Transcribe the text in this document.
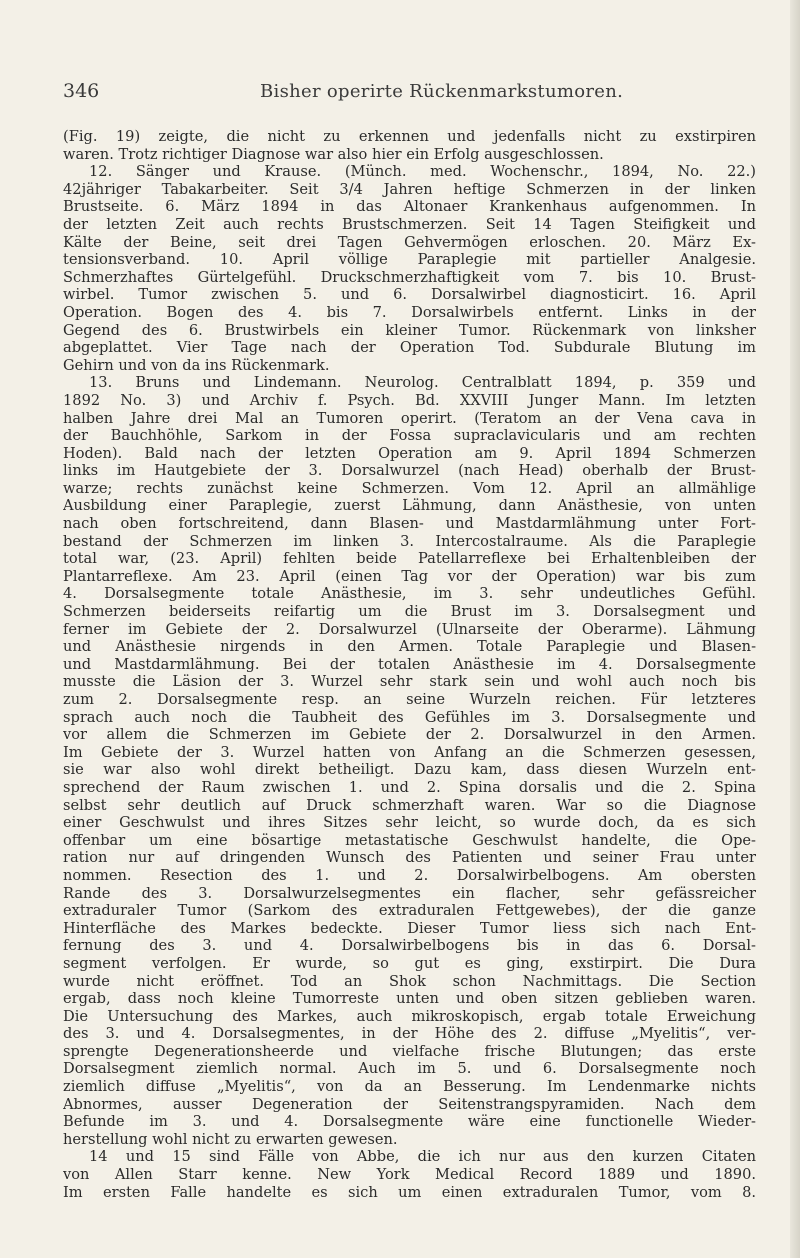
346	Bisher operirte Rückenmarkstumoren.

(Fig. 19) zeigte, die nicht zu erkennen und jedenfalls nicht zu exstirpiren

waren. Trotz richtiger Diagnose war also hier ein Erfolg ausgeschlossen.

12. Sänger und Krause. (Münch. med. Wochenschr., 1894, No. 22.)

42jähriger Tabakarbeiter. Seit 3/4 Jahren heftige Schmerzen in der linken

Brustseite. 6. März 1894 in das Altonaer Krankenhaus aufgenommen. In

der letzten Zeit auch rechts Brustschmerzen. Seit 14 Tagen Steifigkeit und

Kälte der Beine, seit drei Tagen Gehvermögen erloschen. 20. März Ex-

tensionsverband. 10. April völlige Paraplegie mit partieller Analgesie.

Schmerzhaftes Gürtelgefühl. Druckschmerzhaftigkeit vom 7. bis 10. Brust-

wirbel. Tumor zwischen 5. und 6. Dorsalwirbel diagnosticirt. 16. April

Operation. Bogen des 4. bis 7. Dorsalwirbels entfernt. Links in der

Gegend des 6. Brustwirbels ein kleiner Tumor. Rückenmark von linksher

abgeplattet. Vier Tage nach der Operation Tod. Subdurale Blutung im

Gehirn und von da ins Rückenmark.

13. Bruns und Lindemann. Neurolog. Centralblatt 1894, p. 359 und

1892 No. 3) und Archiv f. Psych. Bd. XXVIII Junger Mann. Im letzten

halben Jahre drei Mal an Tumoren operirt. (Teratom an der Vena cava in

der Bauchhöhle, Sarkom in der Fossa supraclavicularis und am rechten

Hoden). Bald nach der letzten Operation am 9. April 1894 Schmerzen

links im Hautgebiete der 3. Dorsalwurzel (nach Head) oberhalb der Brust-

warze; rechts zunächst keine Schmerzen. Vom 12. April an allmählige

Ausbildung einer Paraplegie, zuerst Lähmung, dann Anästhesie, von unten

nach oben fortschreitend, dann Blasen- und Mastdarmlähmung unter Fort-

bestand der Schmerzen im linken 3. Intercostalraume. Als die Paraplegie

total war, (23. April) fehlten beide Patellarreflexe bei Erhaltenbleiben der

Plantarreflexe. Am 23. April (einen Tag vor der Operation) war bis zum

4. Dorsalsegmente totale Anästhesie, im 3. sehr undeutliches Gefühl.

Schmerzen beiderseits reifartig um die Brust im 3. Dorsalsegment und

ferner im Gebiete der 2. Dorsalwurzel (Ulnarseite der Oberarme). Lähmung

und Anästhesie nirgends in den Armen. Totale Paraplegie und Blasen-

und Mastdarmlähmung. Bei der totalen Anästhesie im 4. Dorsalsegmente

musste die Läsion der 3. Wurzel sehr stark sein und wohl auch noch bis

zum 2. Dorsalsegmente resp. an seine Wurzeln reichen. Für letzteres

sprach auch noch die Taubheit des Gefühles im 3. Dorsalsegmente und

vor allem die Schmerzen im Gebiete der 2. Dorsalwurzel in den Armen.

Im Gebiete der 3. Wurzel hatten von Anfang an die Schmerzen gesessen,

sie war also wohl direkt betheiligt. Dazu kam, dass diesen Wurzeln ent-

sprechend der Raum zwischen 1. und 2. Spina dorsalis und die 2. Spina

selbst sehr deutlich auf Druck schmerzhaft waren. War so die Diagnose

einer Geschwulst und ihres Sitzes sehr leicht, so wurde doch, da es sich

offenbar um eine bösartige metastatische Geschwulst handelte, die Ope-

ration nur auf dringenden Wunsch des Patienten und seiner Frau unter

nommen. Resection des 1. und 2. Dorsalwirbelbogens. Am obersten

Rande des 3. Dorsalwurzelsegmentes ein flacher, sehr gefässreicher

extraduraler Tumor (Sarkom des extraduralen Fettgewebes), der die ganze

Hinterfläche des Markes bedeckte. Dieser Tumor liess sich nach Ent-

fernung des 3. und 4. Dorsalwirbelbogens bis in das 6. Dorsal-

segment verfolgen. Er wurde, so gut es ging, exstirpirt. Die Dura

wurde nicht eröffnet. Tod an Shok schon Nachmittags. Die Section

ergab, dass noch kleine Tumorreste unten und oben sitzen geblieben waren.

Die Untersuchung des Markes, auch mikroskopisch, ergab totale Erweichung

des 3. und 4. Dorsalsegmentes, in der Höhe des 2. diffuse „Myelitis“, ver-

sprengte Degenerationsheerde und vielfache frische Blutungen; das erste

Dorsalsegment ziemlich normal. Auch im 5. und 6. Dorsalsegmente noch

ziemlich diffuse „Myelitis“, von da an Besserung. Im Lendenmarke nichts

Abnormes, ausser Degeneration der Seitenstrangspyramiden. Nach dem

Befunde im 3. und 4. Dorsalsegmente wäre eine functionelle Wieder-

herstellung wohl nicht zu erwarten gewesen.

14 und 15 sind Fälle von Abbe, die ich nur aus den kurzen Citaten

von Allen Starr kenne. New York Medical Record 1889 und 1890.

Im ersten Falle handelte es sich um einen extraduralen Tumor, vom 8.
